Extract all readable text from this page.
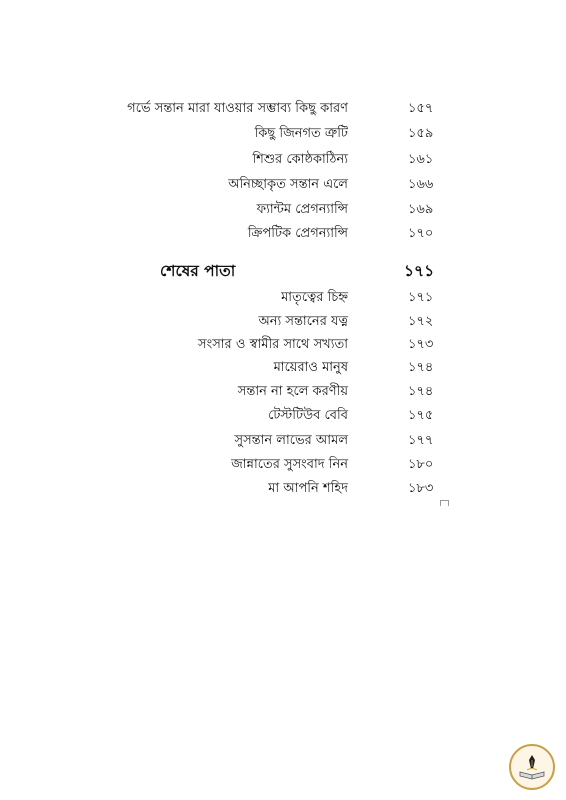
গর্ভে সন্তান মারা যাওয়ার সম্ভাব্য কিছু কারণ	১৫৭
কিছু জিনগত ত্রুটি	১৫৯
শিশুর কোষ্ঠকাঠিন্য	১৬১
অনিচ্ছাকৃত সন্তান এলে	১৬৬
ফ্যান্টম প্রেগন্যান্সি	১৬৯
ক্রিপটিক প্রেগন্যান্সি	১৭০
শেষের পাতা	১৭১
মাতৃত্বের চিহ্ন	১৭১
অন্য সন্তানের যত্ন	১৭২
সংসার ও স্বামীর সাথে সখ্যতা	১৭৩
মায়েরাও মানুষ	১৭৪
সন্তান না হলে করণীয়	১৭৪
টেস্টটিউব বেবি	১৭৫
সুসন্তান লাভের আমল	১৭৭
জান্নাতের সুসংবাদ নিন	১৮০
মা আপনি শহিদ	১৮৩
